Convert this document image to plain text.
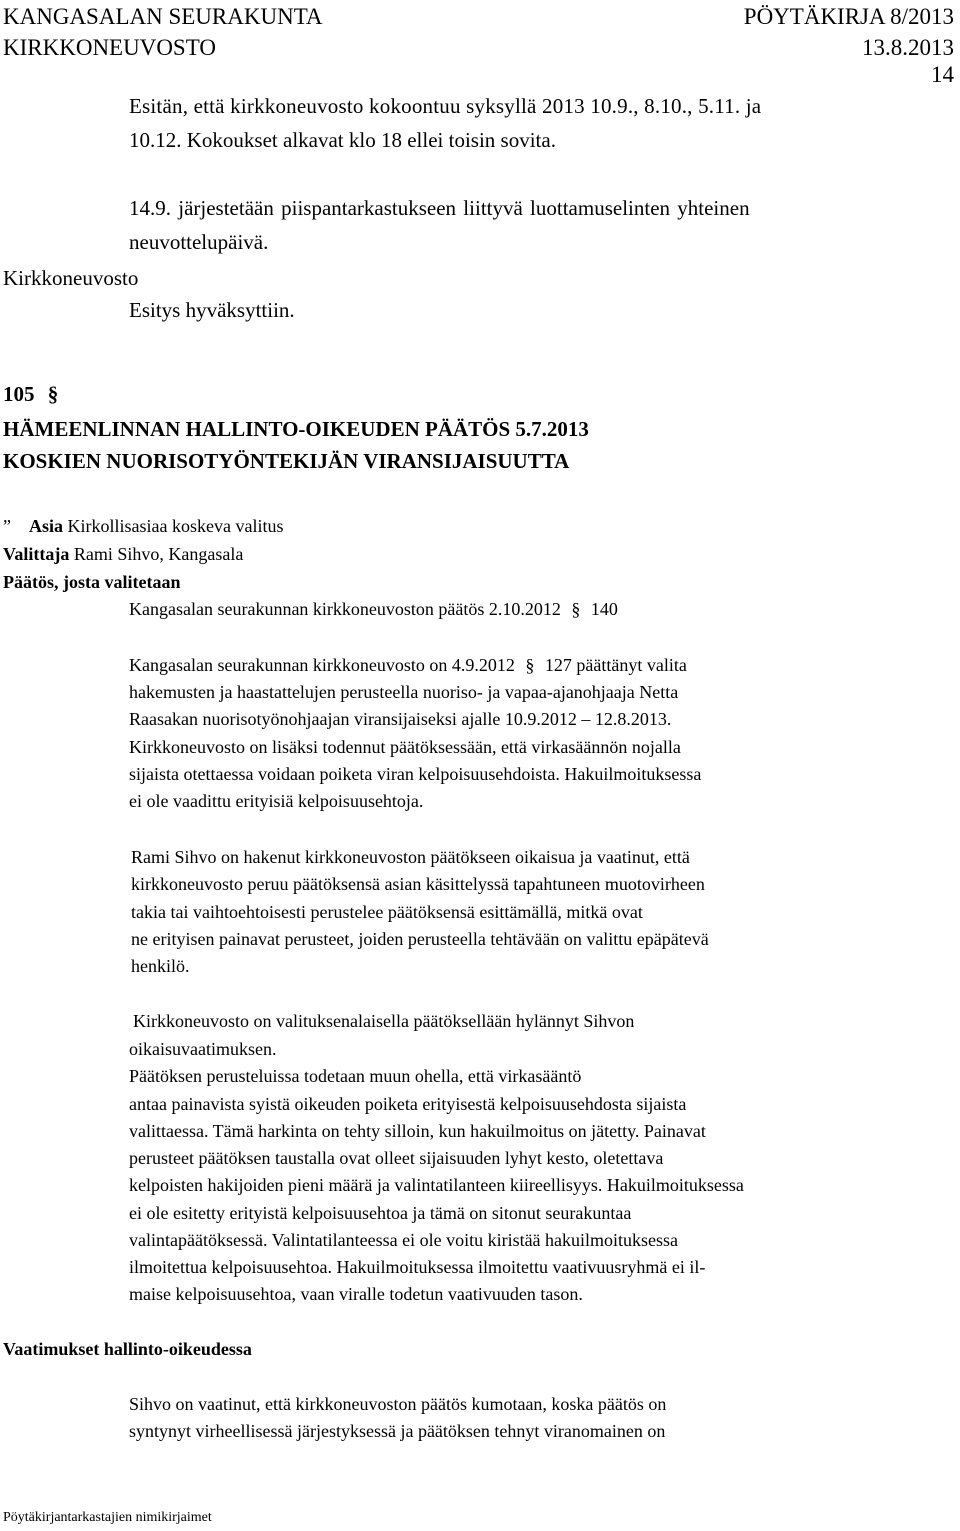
KANGASALAN SEURAKUNTA	PÖYTÄKIRJA 8/2013
KIRKKONEUVOSTO	13.8.2013
14
Esitän, että kirkkoneuvosto kokoontuu syksyllä 2013 10.9., 8.10., 5.11. ja
10.12. Kokoukset alkavat klo 18 ellei toisin sovita.
14.9. järjestetään piispantarkastukseen liittyvä luottamuselinten yhteinen
neuvottelupäivä.
Kirkkoneuvosto
Esitys hyväksyttiin.
105 §
HÄMEENLINNAN HALLINTO-OIKEUDEN PÄÄTÖS 5.7.2013
KOSKIEN NUORISOTYÖNTEKIJÄN VIRANSIJAISUUTTA
” Asia Kirkollisasiaa koskeva valitus
Valittaja Rami Sihvo, Kangasala
Päätös, josta valitetaan
Kangasalan seurakunnan kirkkoneuvoston päätös 2.10.2012 § 140
Kangasalan seurakunnan kirkkoneuvosto on 4.9.2012 § 127 päättänyt valita
hakemusten ja haastattelujen perusteella nuoriso- ja vapaa-ajanohjaaja Netta
Raasakan nuorisotyönohjaajan viransijaiseksi ajalle 10.9.2012 – 12.8.2013.
Kirkkoneuvosto on lisäksi todennut päätöksessään, että virkasäännön nojalla
sijaista otettaessa voidaan poiketa viran kelpoisuusehdoista. Hakuilmoituksessa
ei ole vaadittu erityisiä kelpoisuusehtoja.
Rami Sihvo on hakenut kirkkoneuvoston päätökseen oikaisua ja vaatinut, että
kirkkoneuvosto peruu päätöksensä asian käsittelyssä tapahtuneen muotovirheen
takia tai vaihtoehtoisesti perustelee päätöksensä esittämällä, mitkä ovat
ne erityisen painavat perusteet, joiden perusteella tehtävään on valittu epäpätevä
henkilö.
Kirkkoneuvosto on valituksenalaisella päätöksellään hylännyt Sihvon
oikaisuvaatimuksen.
Päätöksen perusteluissa todetaan muun ohella, että virkasääntö
antaa painavista syistä oikeuden poiketa erityisestä kelpoisuusehdosta sijaista
valittaessa. Tämä harkinta on tehty silloin, kun hakuilmoitus on jätetty. Painavat
perusteet päätöksen taustalla ovat olleet sijaisuuden lyhyt kesto, oletettava
kelpoisten hakijoiden pieni määrä ja valintatilanteen kiireellisyys. Hakuilmoituksessa
ei ole esitetty erityistä kelpoisuusehtoa ja tämä on sitonut seurakuntaa
valintapäätöksessä. Valintatilanteessa ei ole voitu kiristää hakuilmoituksessa
ilmoitettua kelpoisuusehtoa. Hakuilmoituksessa ilmoitettu vaativuusryhmä ei il-
maise kelpoisuusehtoa, vaan viralle todetun vaativuuden tason.
Vaatimukset hallinto-oikeudessa
Sihvo on vaatinut, että kirkkoneuvoston päätös kumotaan, koska päätös on
syntynyt virheellisessä järjestyksessä ja päätöksen tehnyt viranomainen on
Pöytäkirjantarkastajien nimikirjaimet
